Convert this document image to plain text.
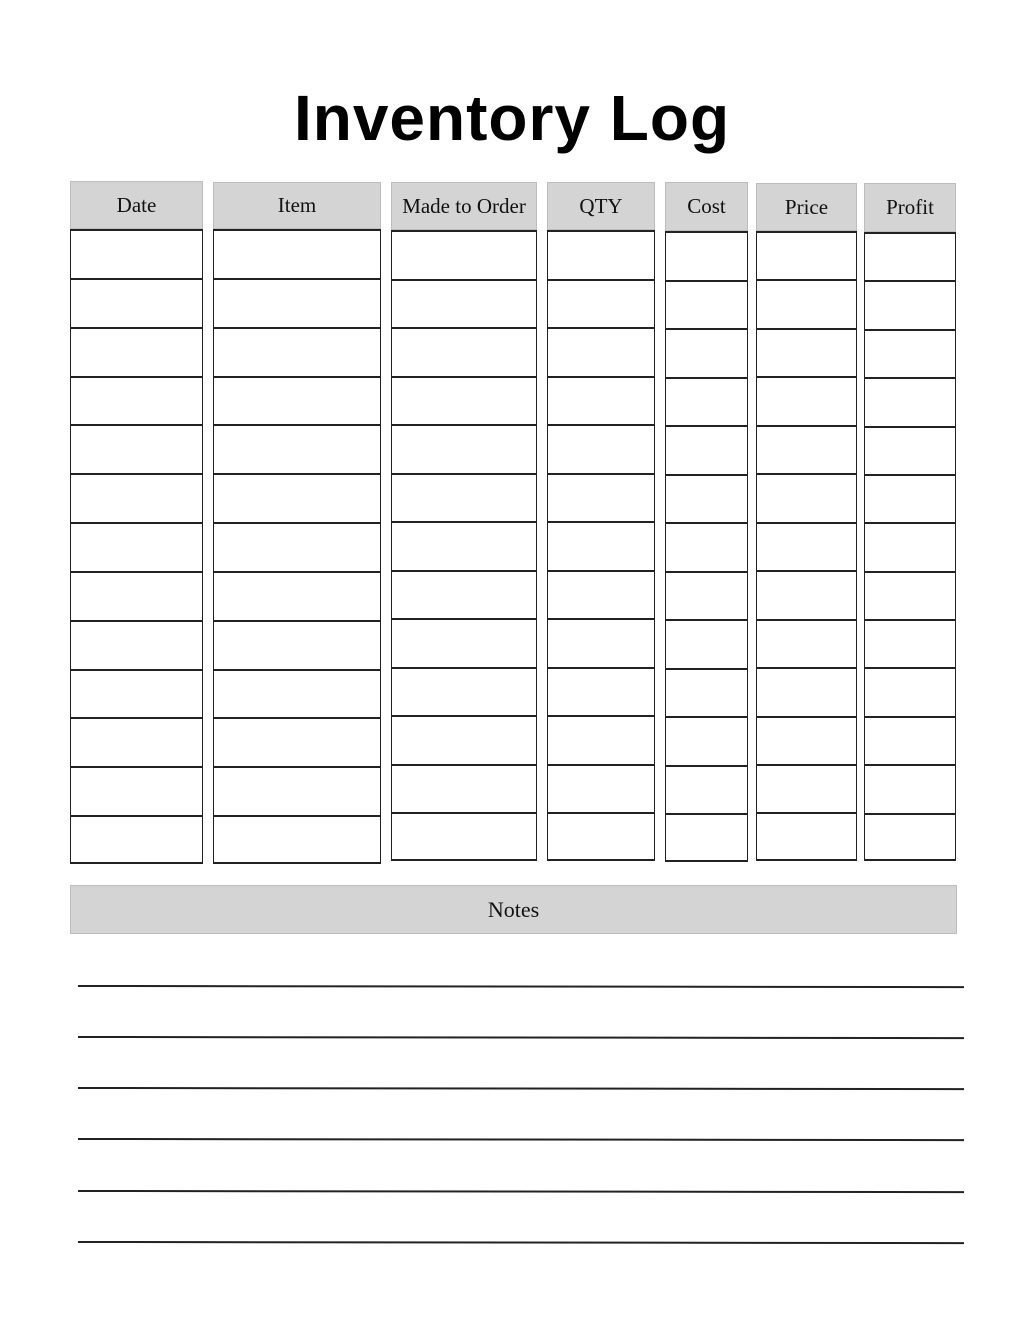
Inventory Log
Date	Item	Made to Order	QTY	Cost	Price	Profit
Notes
